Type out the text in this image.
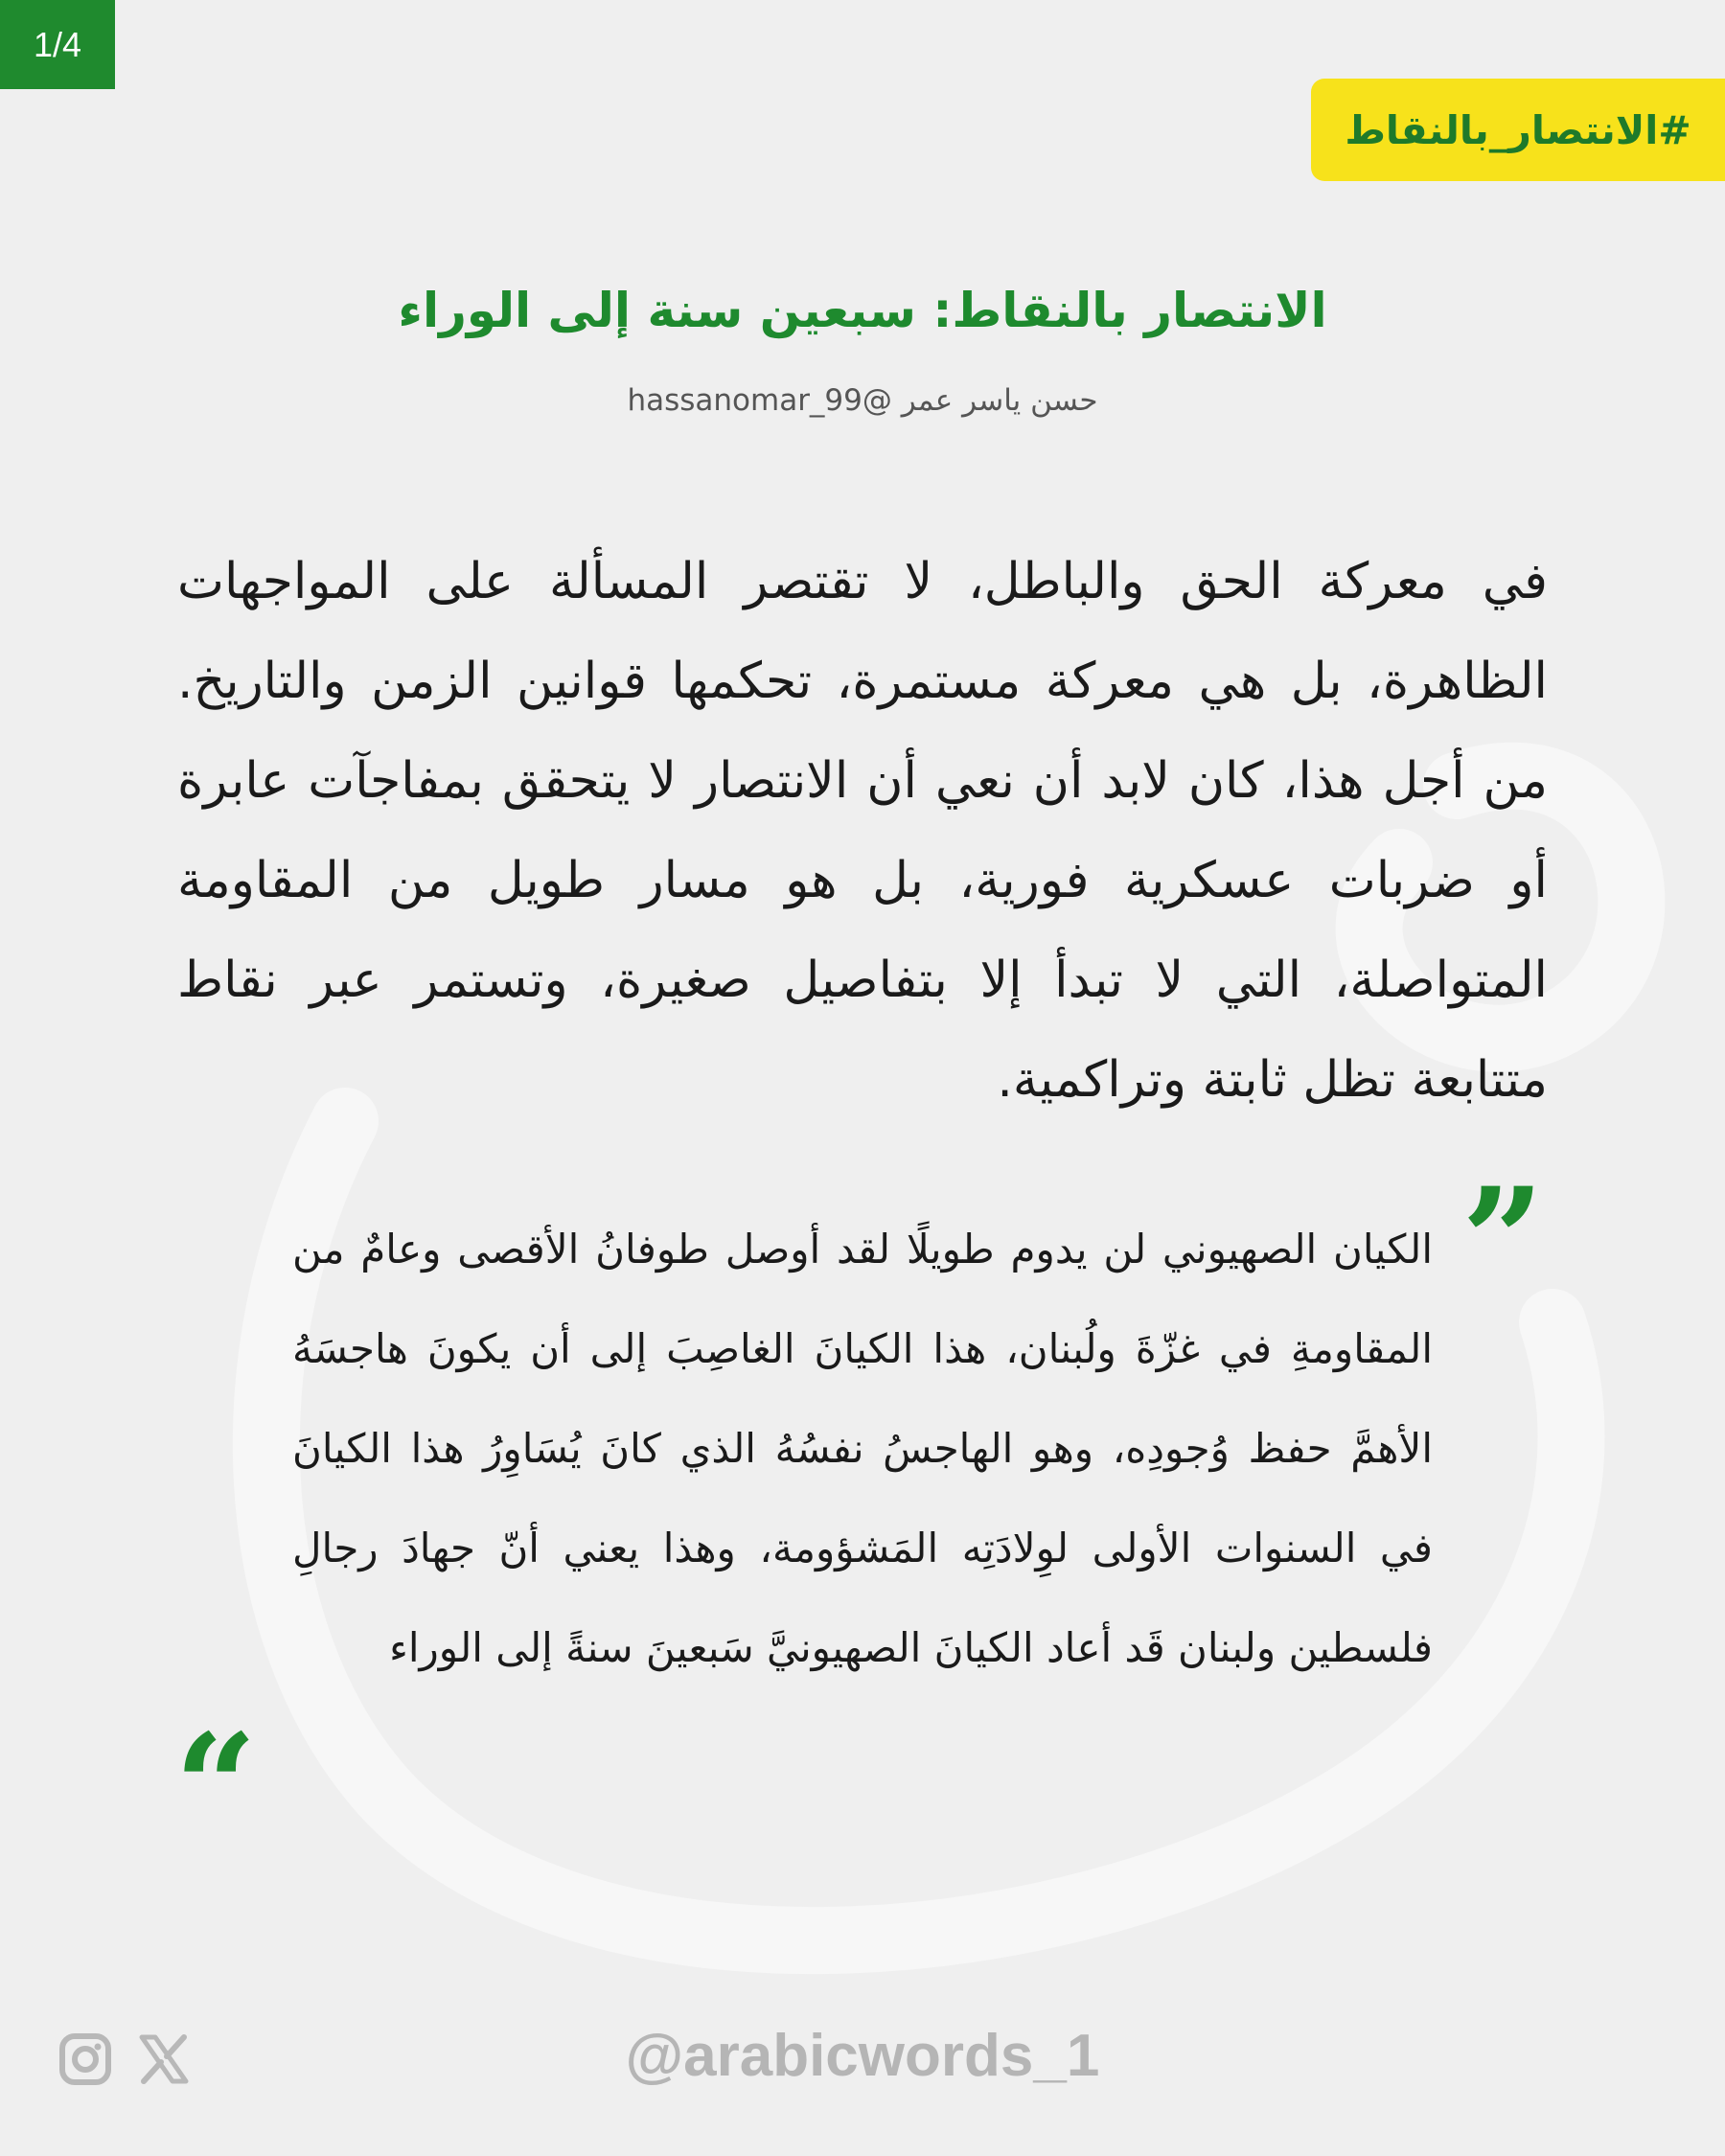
1/4
#الانتصار_بالنقاط
الانتصار بالنقاط: سبعين سنة إلى الوراء
حسن ياسر عمر @hassanomar_99

في معركة الحق والباطل، لا تقتصر المسألة على المواجهات الظاهرة، بل هي معركة مستمرة، تحكمها قوانين الزمن والتاريخ. من أجل هذا، كان لابد أن نعي أن الانتصار لا يتحقق بمفاجآت عابرة أو ضربات عسكرية فورية، بل هو مسار طويل من المقاومة المتواصلة، التي لا تبدأ إلا بتفاصيل صغيرة، وتستمر عبر نقاط متتابعة تظل ثابتة وتراكمية.

”

الكيان الصهيوني لن يدوم طويلًا لقد أوصل طوفانُ الأقصى وعامٌ من المقاومةِ في غزّةَ ولُبنان، هذا الكيانَ الغاصِبَ إلى أن يكونَ هاجسَهُ الأهمَّ حفظ وُجودِه، وهو الهاجسُ نفسُهُ الذي كانَ يُسَاوِرُ هذا الكيانَ في السنوات الأولى لوِلادَتِه المَشؤومة، وهذا يعني أنّ جهادَ رجالِ فلسطين ولبنان قَد أعاد الكيانَ الصهيونيَّ سَبعينَ سنةً إلى الوراء

“
@arabicwords_1
